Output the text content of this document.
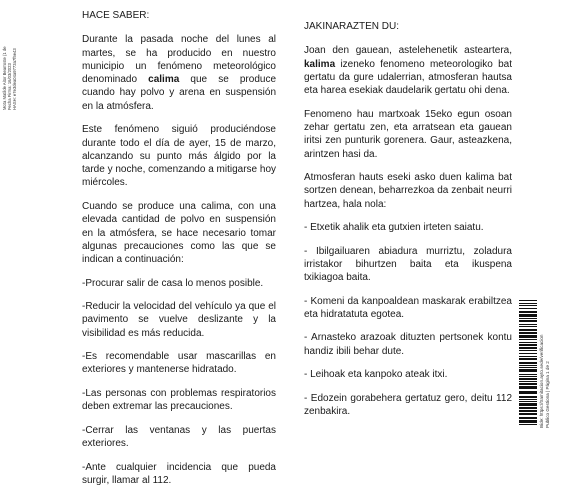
Mota Matilde Aitor Bearroste (1 de Fecha Firma: 16/03/2023 HASH: e7e3dea04a9773a7f5e43
HACE SABER:

Durante la pasada noche del lunes al martes, se ha producido en nuestro municipio un fenómeno meteorológico denominado calima que se produce cuando hay polvo y arena en suspensión en la atmósfera.

Este fenómeno siguió produciéndose durante todo el día de ayer, 15 de marzo, alcanzando su punto más álgido por la tarde y noche, comenzando a mitigarse hoy miércoles.

Cuando se produce una calima, con una elevada cantidad de polvo en suspensión en la atmósfera, se hace necesario tomar algunas precauciones como las que se indican a continuación:

-Procurar salir de casa lo menos posible.

-Reducir la velocidad del vehículo ya que el pavimento se vuelve deslizante y la visibilidad es más reducida.

-Es recomendable usar mascarillas en exteriores y mantenerse hidratado.

-Las personas con problemas respiratorios deben extremar las precauciones.

-Cerrar las ventanas y las puertas exteriores.

-Ante cualquier incidencia que pueda surgir, llamar al 112.

JAKINARAZTEN DU:

Joan den gauean, astelehenetik asteartera, kalima izeneko fenomeno meteorologiko bat gertatu da gure udalerrian, atmosferan hautsa eta harea esekiak daudelarik gertatu ohi dena.

Fenomeno hau martxoak 15eko egun osoan zehar gertatu zen, eta arratsean eta gauean iritsi zen punturik gorenera. Gaur, asteazkena, arintzen hasi da.

Atmosferan hauts eseki asko duen kalima bat sortzen denean, beharrezkoa da zenbait neurri hartzea, hala nola:

- Etxetik ahalik eta gutxien irteten saiatu.

- Ibilgailuaren abiadura murriztu, zoladura irristakor bihurtzen baita eta ikuspena txikiagoa baita.

- Komeni da kanpoaldean maskarak erabiltzea eta hidratatuta egotea.

- Arnasteko arazoak dituzten pertsonek kontu handiz ibili behar dute.

- Leihoak eta kanpoko ateak itxi.

- Edozein gorabehera gertatuz gero, deitu 112 zenbakira.	Bide: https://tramitacion.ayto.sede/verificacion Publico Gestiona | Página 1 de 2
